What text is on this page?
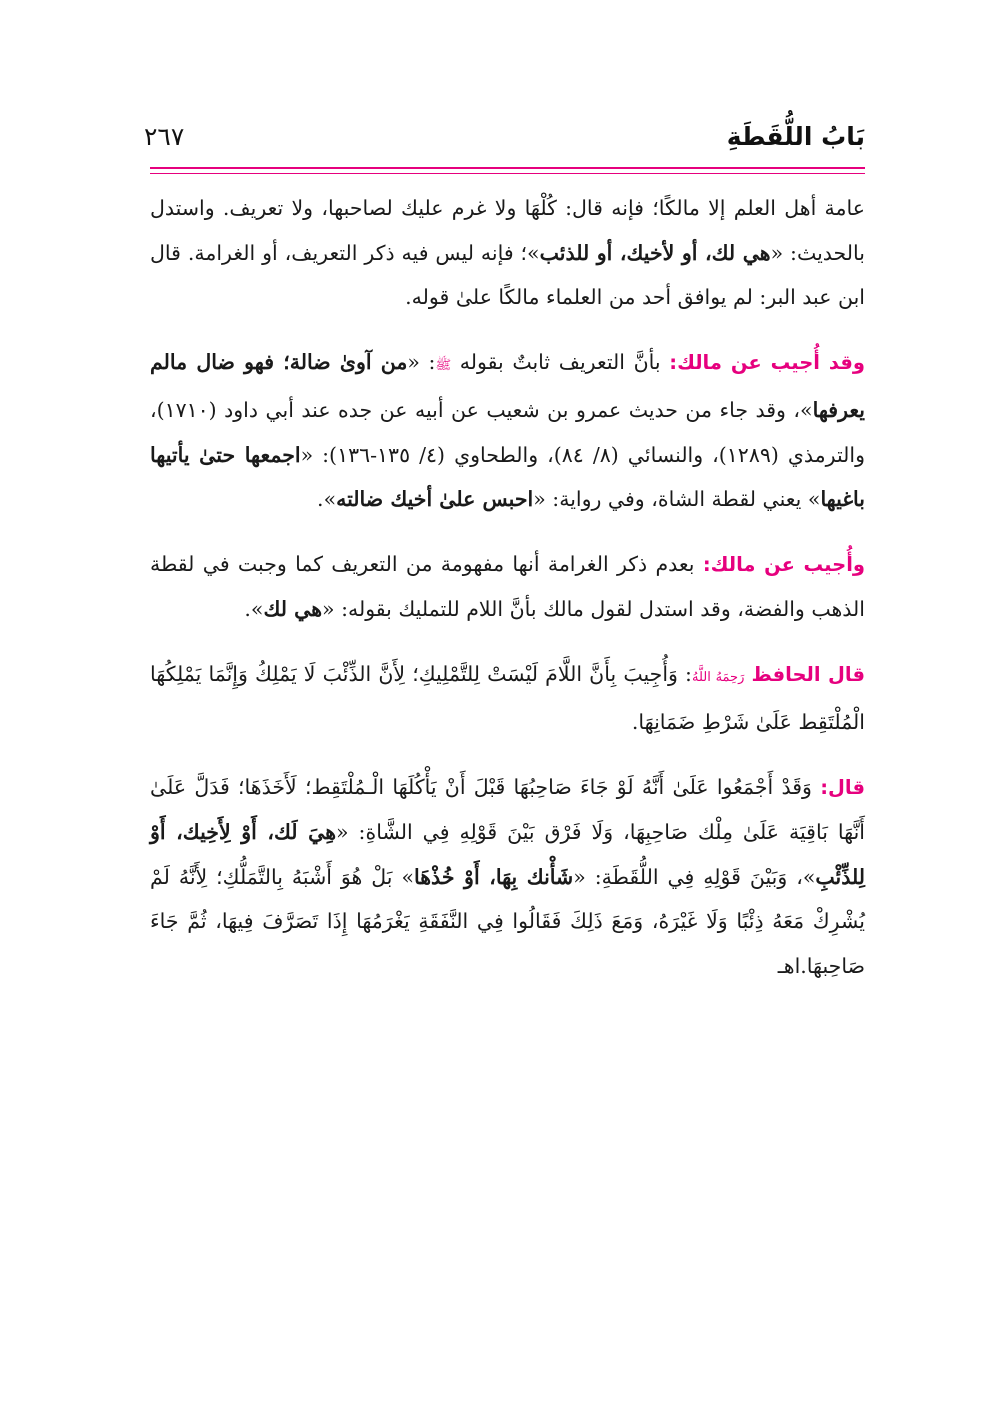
بَابُ اللُّقَطَةِ
٢٦٧

عامة أهل العلم إلا مالكًا؛ فإنه قال: كُلْهَا ولا غرم عليك لصاحبها، ولا تعريف. واستدل بالحديث: «هي لك، أو لأخيك، أو للذئب»؛ فإنه ليس فيه ذكر التعريف، أو الغرامة. قال ابن عبد البر: لم يوافق أحد من العلماء مالكًا علىٰ قوله.

وقد أُجيب عن مالك: بأنَّ التعريف ثابتٌ بقوله ﷺ: «من آوىٰ ضالة؛ فهو ضال مالم يعرفها»، وقد جاء من حديث عمرو بن شعيب عن أبيه عن جده عند أبي داود (١٧١٠)، والترمذي (١٢٨٩)، والنسائي (٨/ ٨٤)، والطحاوي (٤/ ١٣٥-١٣٦): «اجمعها حتىٰ يأتيها باغيها» يعني لقطة الشاة، وفي رواية: «احبس علىٰ أخيك ضالته».

وأُجيب عن مالك: بعدم ذكر الغرامة أنها مفهومة من التعريف كما وجبت في لقطة الذهب والفضة، وقد استدل لقول مالك بأنَّ اللام للتمليك بقوله: «هي لك».

قال الحافظ رَحِمَهُ اللَّهُ: وَأُجِيبَ بِأَنَّ اللَّامَ لَيْسَتْ لِلتَّمْلِيكِ؛ لِأَنَّ الذِّئْبَ لَا يَمْلِكُ وَإِنَّمَا يَمْلِكُهَا الْمُلْتَقِط عَلَىٰ شَرْطِ ضَمَانِهَا.

قال: وَقَدْ أَجْمَعُوا عَلَىٰ أَنَّهُ لَوْ جَاءَ صَاحِبُهَا قَبْلَ أَنْ يَأْكُلَهَا الْـمُلْتَقِط؛ لَأَخَذَهَا؛ فَدَلَّ عَلَىٰ أَنَّهَا بَاقِيَة عَلَىٰ مِلْك صَاحِبِهَا، وَلَا فَرْق بَيْنَ قَوْلِهِ فِي الشَّاةِ: «هِيَ لَك، أَوْ لِأَخِيك، أَوْ لِلذِّئْبِ»، وَبَيْنَ قَوْلِهِ فِي اللُّقَطَةِ: «شَأْنك بِهَا، أَوْ خُذْهَا» بَلْ هُوَ أَشْبَهُ بِالتَّمَلُّكِ؛ لِأَنَّهُ لَمْ يُشْرِكْ مَعَهُ ذِئْبًا وَلَا غَيْرَهُ، وَمَعَ ذَلِكَ فَقَالُوا فِي النَّفَقَةِ يَغْرَمُهَا إِذَا تَصَرَّفَ فِيهَا، ثُمَّ جَاءَ صَاحِبهَا.اهـ
